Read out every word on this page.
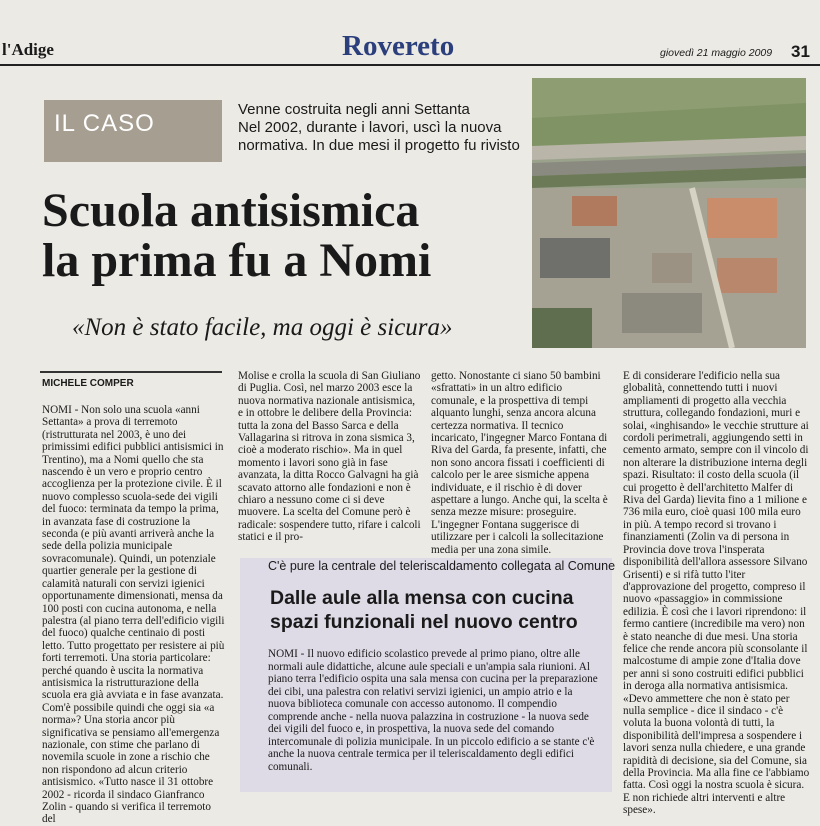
l'Adige	Rovereto	giovedì 21 maggio 2009 31
IL CASO
Venne costruita negli anni Settanta
Nel 2002, durante i lavori, uscì la nuova
normativa. In due mesi il progetto fu rivisto
Scuola antisismica
la prima fu a Nomi
«Non è stato facile, ma oggi è sicura»
MICHELE COMPER

NOMI - Non solo una scuola «anni Settanta» a prova di terremoto (ristrutturata nel 2003, è uno dei primissimi edifici pubblici antisismici in Trentino), ma a Nomi quello che sta nascendo è un vero e proprio centro accoglienza per la protezione civile. È il nuovo complesso scuola-sede dei vigili del fuoco: terminata da tempo la prima, in avanzata fase di costruzione la seconda (e più avanti arriverà anche la sede della polizia municipale sovracomunale). Quindi, un potenziale quartier generale per la gestione di calamità naturali con servizi igienici opportunamente dimensionati, mensa da 100 posti con cucina autonoma, e nella palestra (al piano terra dell'edificio vigili del fuoco) qualche centinaio di posti letto. Tutto progettato per resistere ai più forti terremoti. Una storia particolare: perché quando è uscita la normativa antisismica la ristrutturazione della scuola era già avviata e in fase avanzata. Com'è possibile quindi che oggi sia «a norma»? Una storia ancor più significativa se pensiamo all'emergenza nazionale, con stime che parlano di novemila scuole in zone a rischio che non rispondono ad alcun criterio antisismico. «Tutto nasce il 31 ottobre 2002 - ricorda il sindaco Gianfranco Zolin - quando si verifica il terremoto del

Molise e crolla la scuola di San Giuliano di Puglia. Così, nel marzo 2003 esce la nuova normativa nazionale antisismica, e in ottobre le delibere della Provincia: tutta la zona del Basso Sarca e della Vallagarina si ritrova in zona sismica 3, cioè a moderato rischio». Ma in quel momento i lavori sono già in fase avanzata, la ditta Rocco Galvagni ha già scavato attorno alle fondazioni e non è chiaro a nessuno come ci si deve muovere. La scelta del Comune però è radicale: sospendere tutto, rifare i calcoli statici e il pro-

getto. Nonostante ci siano 50 bambini «sfrattati» in un altro edificio comunale, e la prospettiva di tempi alquanto lunghi, senza ancora alcuna certezza normativa. Il tecnico incaricato, l'ingegner Marco Fontana di Riva del Garda, fa presente, infatti, che non sono ancora fissati i coefficienti di calcolo per le aree sismiche appena individuate, e il rischio è di dover aspettare a lungo. Anche qui, la scelta è senza mezze misure: proseguire. L'ingegner Fontana suggerisce di utilizzare per i calcoli la sollecitazione media per una zona simile.

E di considerare l'edificio nella sua globalità, connettendo tutti i nuovi ampliamenti di progetto alla vecchia struttura, collegando fondazioni, muri e solai, «inghisando» le vecchie strutture ai cordoli perimetrali, aggiungendo setti in cemento armato, sempre con il vincolo di non alterare la distribuzione interna degli spazi. Risultato: il costo della scuola (il cui progetto è dell'architetto Malfer di Riva del Garda) lievita fino a 1 milione e 736 mila euro, cioè quasi 100 mila euro in più. A tempo record si trovano i finanziamenti (Zolin va di persona in Provincia dove trova l'insperata disponibilità dell'allora assessore Silvano Grisenti) e si rifà tutto l'iter d'approvazione del progetto, compreso il nuovo «passaggio» in commissione edilizia. È così che i lavori riprendono: il fermo cantiere (incredibile ma vero) non è stato neanche di due mesi. Una storia felice che rende ancora più sconsolante il malcostume di ampie zone d'Italia dove per anni si sono costruiti edifici pubblici in deroga alla normativa antisismica. «Devo ammettere che non è stato per nulla semplice - dice il sindaco - c'è voluta la buona volontà di tutti, la disponibilità dell'impresa a sospendere i lavori senza nulla chiedere, e una grande rapidità di decisione, sia del Comune, sia della Provincia. Ma alla fine ce l'abbiamo fatta. Così oggi la nostra scuola è sicura. E non richiede altri interventi e altre spese».

C'è pure la centrale del teleriscaldamento collegata al Comune
Dalle aule alla mensa con cucina
spazi funzionali nel nuovo centro
NOMI - Il nuovo edificio scolastico prevede al primo piano, oltre alle normali aule didattiche, alcune aule speciali e un'ampia sala riunioni. Al piano terra l'edificio ospita una sala mensa con cucina per la preparazione dei cibi, una palestra con relativi servizi igienici, un ampio atrio e la nuova biblioteca comunale con accesso autonomo. Il compendio comprende anche - nella nuova palazzina in costruzione - la nuova sede dei vigili del fuoco e, in prospettiva, la nuova sede del comando intercomunale di polizia municipale. In un piccolo edificio a se stante c'è anche la nuova centrale termica per il teleriscaldamento degli edifici comunali.
